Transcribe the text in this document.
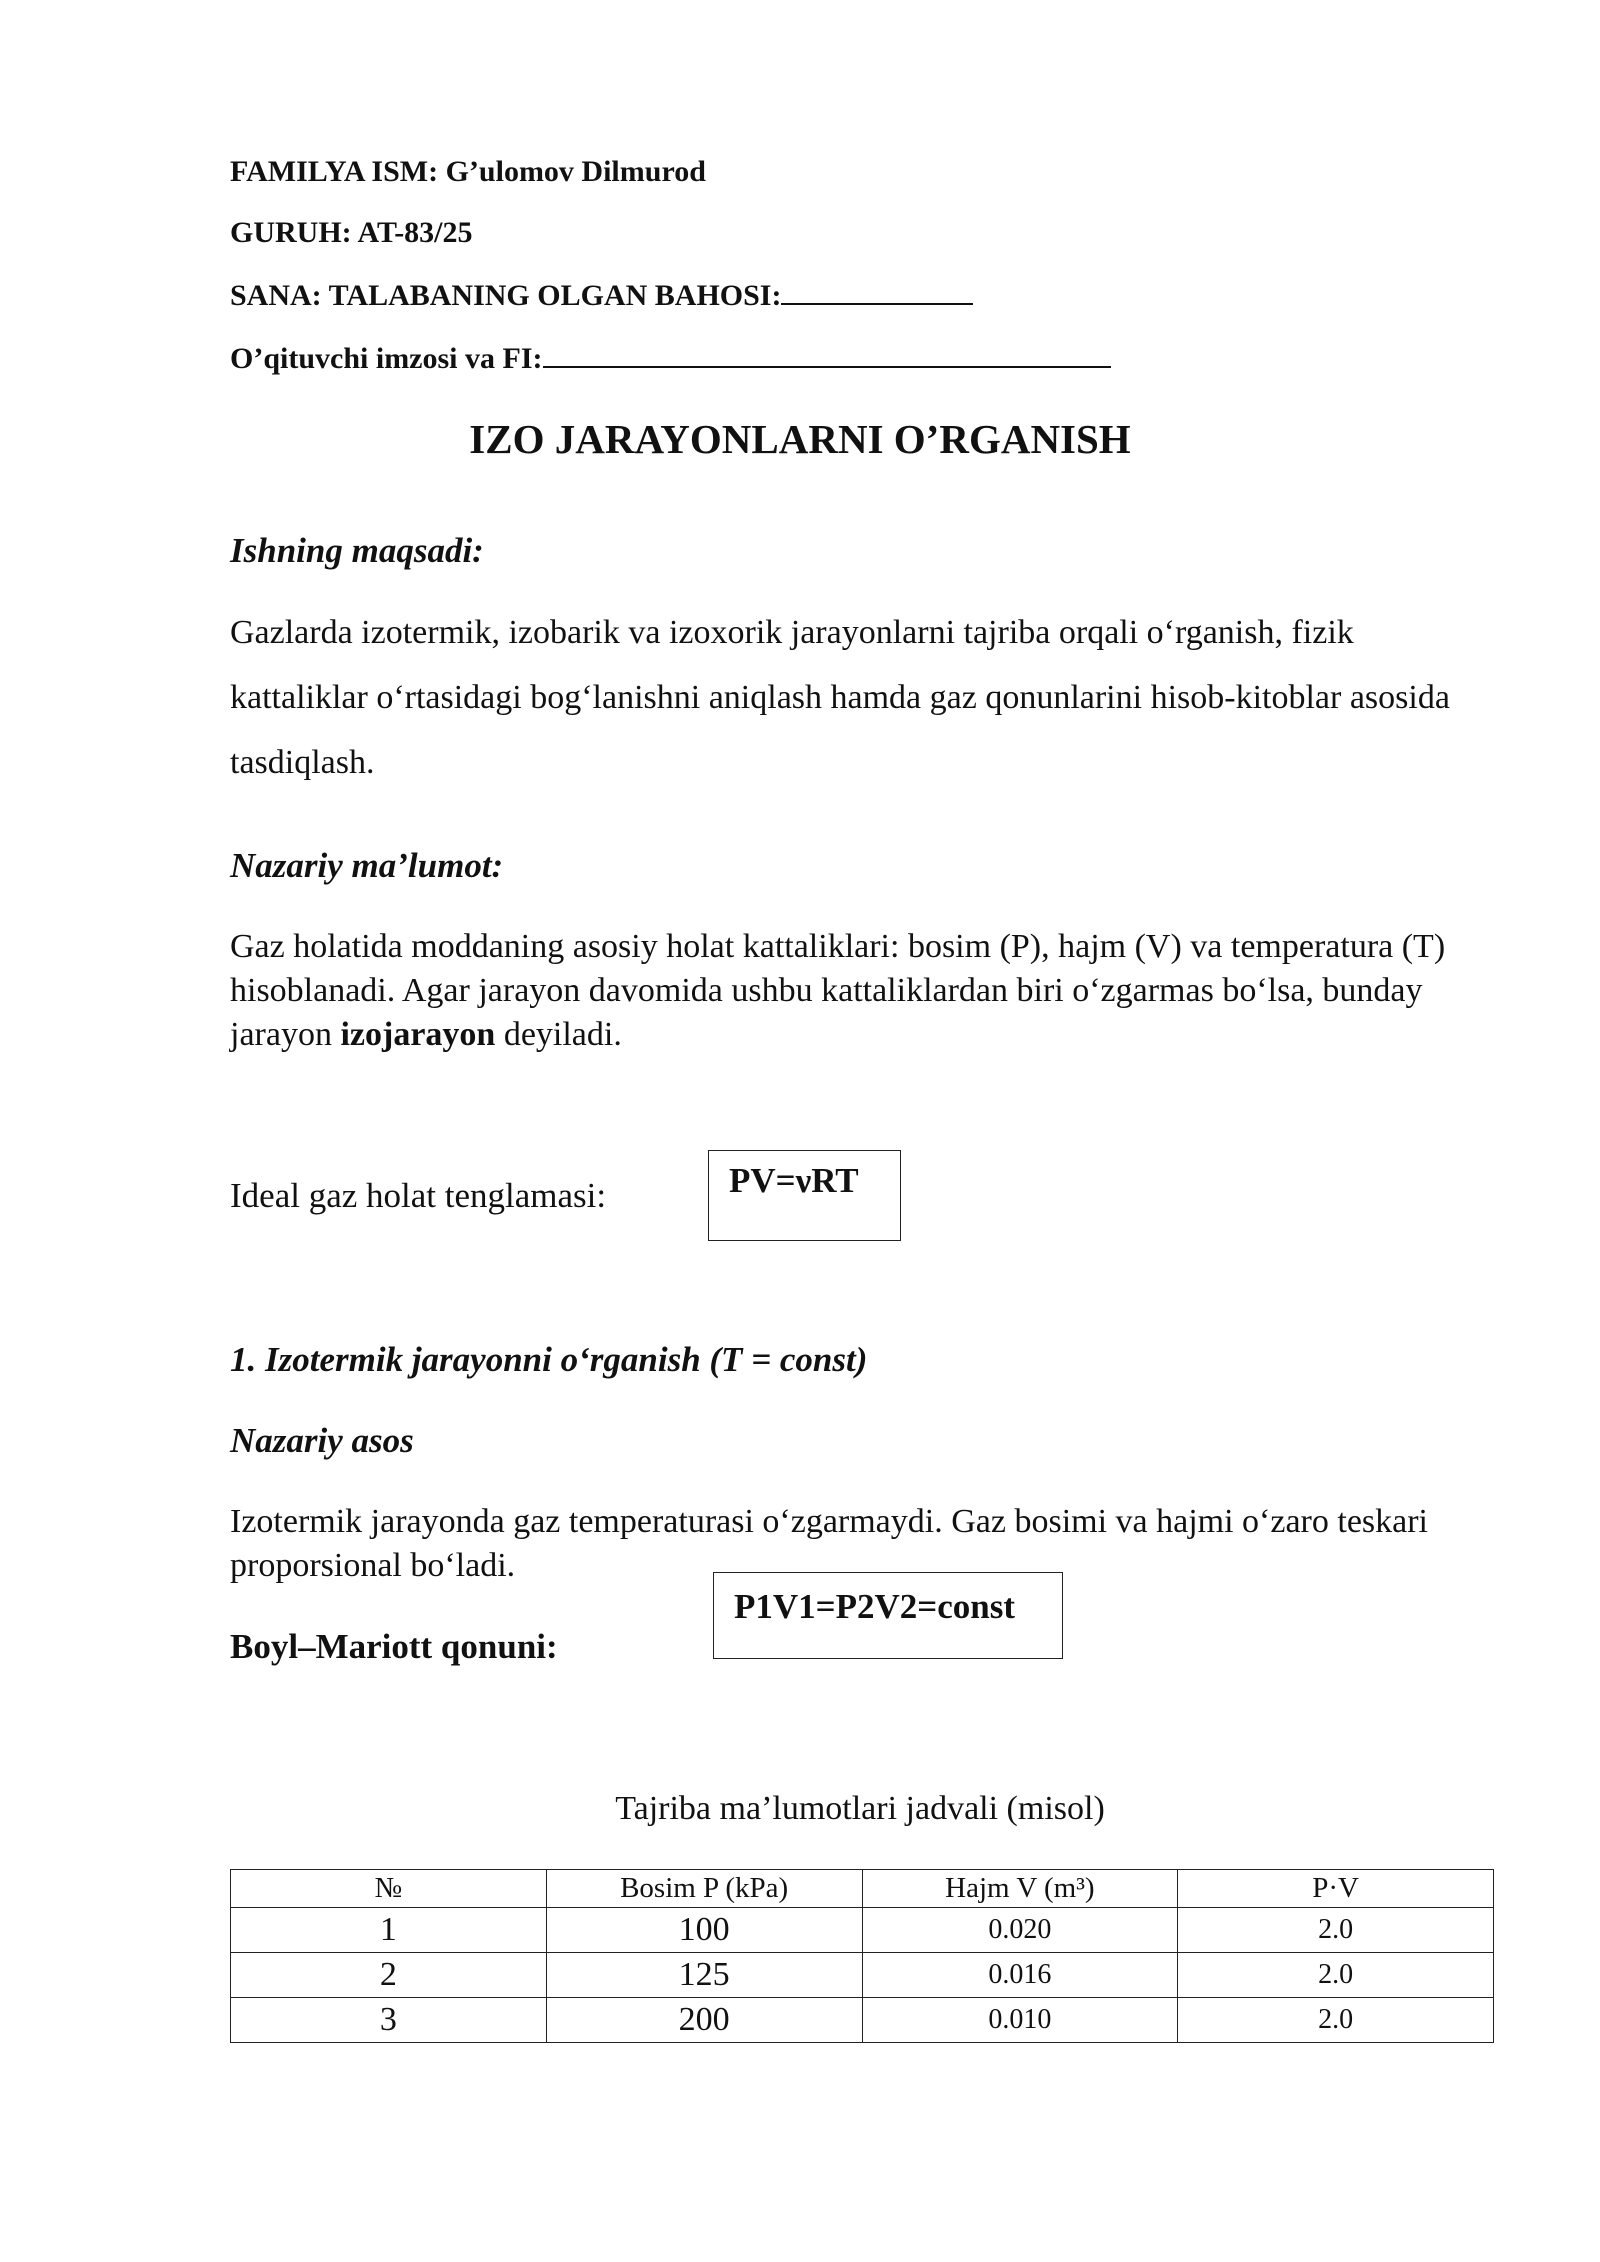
FAMILYA ISM: G’ulomov Dilmurod
GURUH: AT-83/25
SANA: TALABANING OLGAN BAHOSI:
O’qituvchi imzosi va FI:
IZO JARAYONLARNI O’RGANISH
Ishning maqsadi:
Gazlarda izotermik, izobarik va izoxorik jarayonlarni tajriba orqali o‘rganish, fizik kattaliklar o‘rtasidagi bog‘lanishni aniqlash hamda gaz qonunlarini hisob-kitoblar asosida tasdiqlash.
Nazariy ma’lumot:
Gaz holatida moddaning asosiy holat kattaliklari: bosim (P), hajm (V) va temperatura (T) hisoblanadi. Agar jarayon davomida ushbu kattaliklardan biri o‘zgarmas bo‘lsa, bunday jarayon izojarayon deyiladi.
Ideal gaz holat tenglamasi:	PV=νRT
1. Izotermik jarayonni o‘rganish (T = const)
Nazariy asos
Izotermik jarayonda gaz temperaturasi o‘zgarmaydi. Gaz bosimi va hajmi o‘zaro teskari proporsional bo‘ladi.
Boyl–Mariott qonuni:
P1V1=P2V2=const
Tajriba ma’lumotlari jadvali (misol)
№	Bosim P (kPa)	Hajm V (m³)	P·V
1	100	0.020	2.0
2	125	0.016	2.0
3	200	0.010	2.0
